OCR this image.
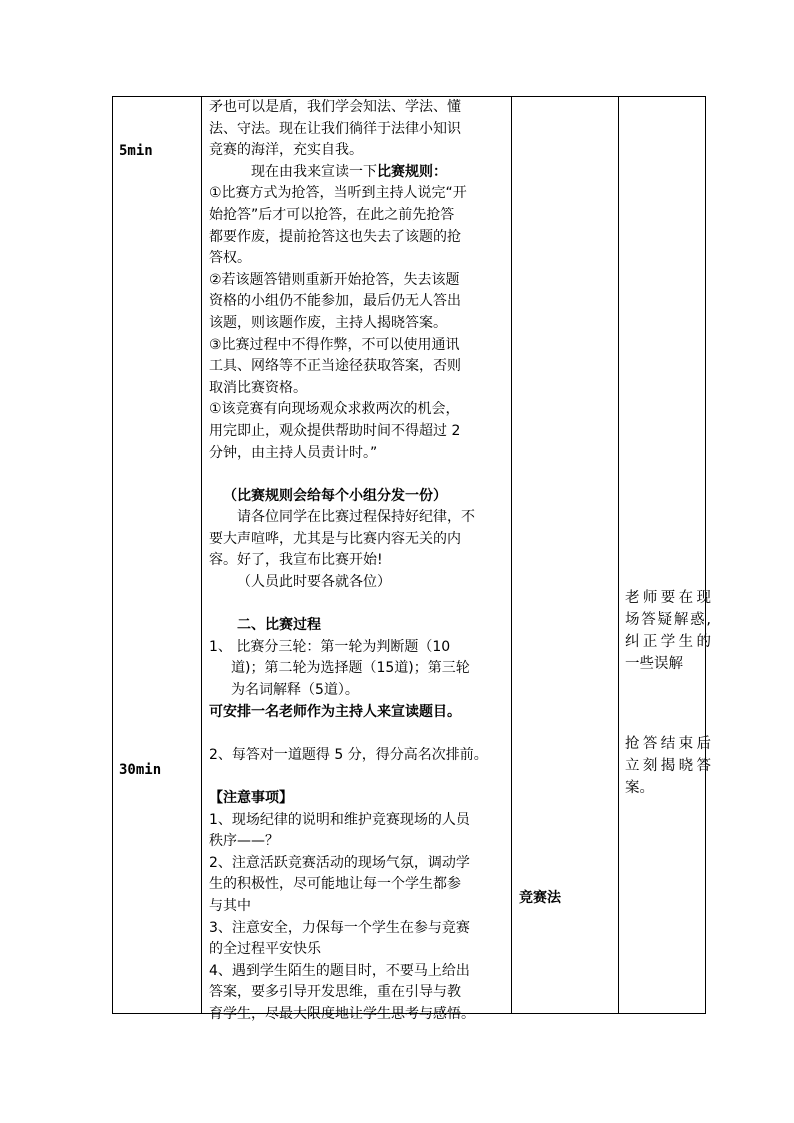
5min
30min

矛也可以是盾，我们学会知法、学法、懂

法、守法。现在让我们徜徉于法律小知识

竞赛的海洋，充实自我。

现在由我来宣读一下比赛规则：

①比赛方式为抢答，当听到主持人说完“开

始抢答”后才可以抢答，在此之前先抢答

都要作废，提前抢答这也失去了该题的抢

答权。

②若该题答错则重新开始抢答，失去该题

资格的小组仍不能参加，最后仍无人答出

该题，则该题作废，主持人揭晓答案。

③比赛过程中不得作弊，不可以使用通讯

工具、网络等不正当途径获取答案，否则

取消比赛资格。

①该竞赛有向现场观众求救两次的机会，

用完即止，观众提供帮助时间不得超过 2

分钟，由主持人员责计时。”

（比赛规则会给每个小组分发一份）

请各位同学在比赛过程保持好纪律，不

要大声喧哗，尤其是与比赛内容无关的内

容。好了，我宣布比赛开始!

（人员此时要各就各位）

二、比赛过程

1、 比赛分三轮：第一轮为判断题（10

道)；第二轮为选择题（15道)；第三轮

为名词解释（5道）。

可安排一名老师作为主持人来宣读题目。

2、每答对一道题得 5 分，得分高名次排前。

【注意事项】

1、现场纪律的说明和维护竞赛现场的人员

秩序——？

2、注意活跃竞赛活动的现场气氛，调动学

生的积极性，尽可能地让每一个学生都参

与其中

3、注意安全，力保每一个学生在参与竞赛

的全过程平安快乐

4、遇到学生陌生的题目时，不要马上给出

答案，要多引导开发思维，重在引导与教

育学生，尽最大限度地让学生思考与感悟。

竞赛法
老师要在现场答疑解惑,纠正学生的一些误解
抢答结束后立刻揭晓答案。
